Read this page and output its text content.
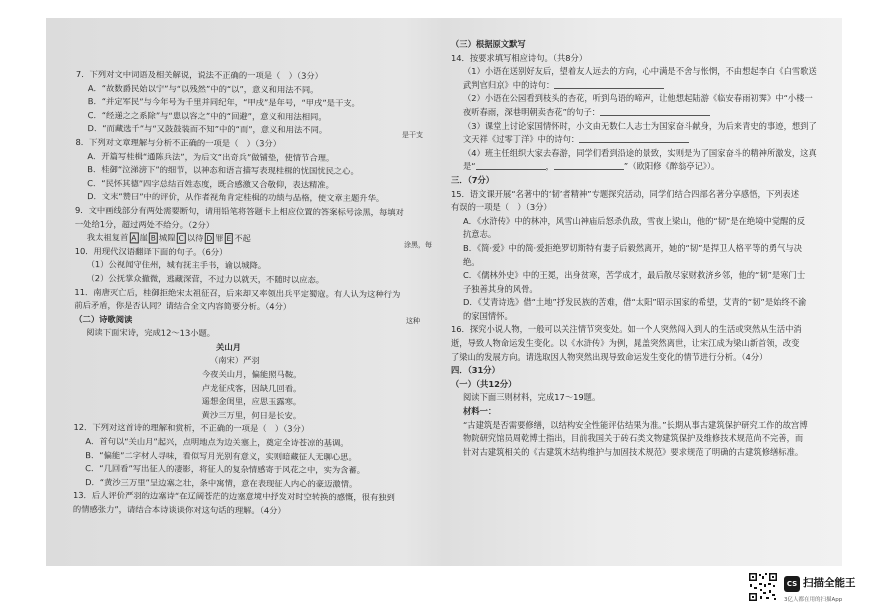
7．下列对文中词语及相关解说，说法不正确的一项是（　）（3分）
A．“故数爵民始以宁”与“以残然”中的“以”，意义和用法不同。
B．“并定军民”与今年号为千里并同纪年，“甲戌”是年号，“甲戌”是干支。
C．“经递之之系除”与“患以容之”中的“回避”，意义和用法相同。
D．“而藏选千”与“又鼓鼓装而不知”中的“而”，意义和用法不同。
8．下列对文章理解与分析不正确的一项是（　）（3分）
A．开篇写桂楫“通陈兵法”，为后文“出奇兵”做铺垫，使情节合理。
B．桂御“泣涕滂下”的细节，以神态和语言描写表现桂楫的忧国忧民之心。
C．“民怀其德”四字总结百姓态度，既合感激又合敬仰，表达精准。
D．文末“赞曰”中的评价，从作者视角肯定桂楫的功绩与品格，使文章主题升华。
9．文中画线部分有两处需要断句，请用铅笔将答题卡上相应位置的答案标号涂黑，每填对一处给1分，超过两处不给分。（2分）
我太祖复首 A 崖 B 城隍 C 以待 D 罪 E 不起
10．用现代汉语翻译下面的句子。（6分）
（1）公视闻守住州，城有抚主手书，谕以城降。
（2）公抚掌众撤微，逃藏深营，不过力以就天，不随时以应态。
11．南唐灭亡后，桂御拒绝宋太祖征召，后来却又率领出兵平定蜀寇。有人认为这种行为前后矛盾，你是否认同？请结合全文内容简要分析。（4分）
（二）诗歌阅读
阅读下面宋诗，完成12～13小题。
关山月
（南宋）严羽
今夜关山月，偏能照马鞍。
卢龙征戍客，因缺几回看。
遥想金闺里，应思玉露寒。
黄沙三万里，何日是长安。
12．下列对这首诗的理解和赏析，不正确的一项是（　）（3分）
A．首句以“关山月”起兴，点明地点为边关塞上，奠定全诗苍凉的基调。
B．“偏能”二字材人寻味，看似写月光别有意义，实则暗藏征人无聊心思。
C．“几回看”写出征人的凄影，将征人的复杂情感寄于风花之中，实为含蓄。
D．“黄沙三万里”呈边塞之壮，条中寓情，意在表现征人内心的豪迈激情。
13．后人评价严羽的边塞诗“在辽阔苍茫的边塞意境中抒发对时空转换的感慨，很有独到的情感张力”，请结合本诗谈谈你对这句话的理解。（4分）
是干支
涂黑，每
这种
（三）根据原文默写
14．按要求填写相应诗句。（共8分）
（1）小语在送别好友后，望着友人远去的方向，心中满是不舍与怅惘，不由想起李白《白雪歌送武判官归京》中的诗句：
（2）小语在公园看到枝头的杏花，听到鸟语的啼声，让他想起陆游《临安春雨初霁》中“小楼一夜听春雨，深巷明朝卖杏花”的句子：
（3）课堂上讨论家国情怀时，小文由无数仁人志士为国家奋斗献身，为后来青史的事迹，想到了文天祥《过零丁洋》中的诗句：
（4）班主任组织大家去春游，同学们看到沿途的景致，实则是为了国家奋斗的精神所激发，这真是“	，	”（欧阳修《醉翁亭记》）。
三．（7分）
15．语文课开展“名著中的‘韧’者精神”专题探究活动，同学们结合四部名著分享感悟，下列表述有误的一项是（　）（3分）
A．《水浒传》中的林冲，风雪山神庙后怒杀仇敌，雪夜上梁山，他的“韧”是在绝境中觉醒的反抗意志。
B．《简·爱》中的简·爱拒绝罗切斯特有妻子后毅然离开，她的“韧”是捍卫人格平等的勇气与决绝。
C．《儒林外史》中的王冕，出身贫寒，苦学成才，最后散尽家财救济乡邻，他的“韧”是寒门士子独善其身的风骨。
D．《艾青诗选》借“土地”抒发民族的苦难，借“太阳”昭示国家的希望，艾青的“韧”是始终不渝的家国情怀。
16．探究小说人物，一般可以关注情节突变处。如一个人突然闯入到人的生活或突然从生活中消逝，导致人物命运发生变化。以《水浒传》为例，晁盖突然离世，让宋江成为梁山新首领，改变了梁山的发展方向。请选取因人物突然出现导致命运发生变化的情节进行分析。（4分）
四．（31分）
（一）（共12分）
阅读下面三则材料，完成17～19题。
材料一：
“古建筑是否需要修缮，以结构安全性能评估结果为准。”长期从事古建筑保护研究工作的故宫博物院研究馆员周乾博士指出，目前我国关于砖石类文物建筑保护及维修技术规范尚不完善，而针对古建筑相关的《古建筑木结构维护与加固技术规范》要求规范了明确的古建筑修缮标准。
CS 扫描全能王
3亿人都在用的扫描App
